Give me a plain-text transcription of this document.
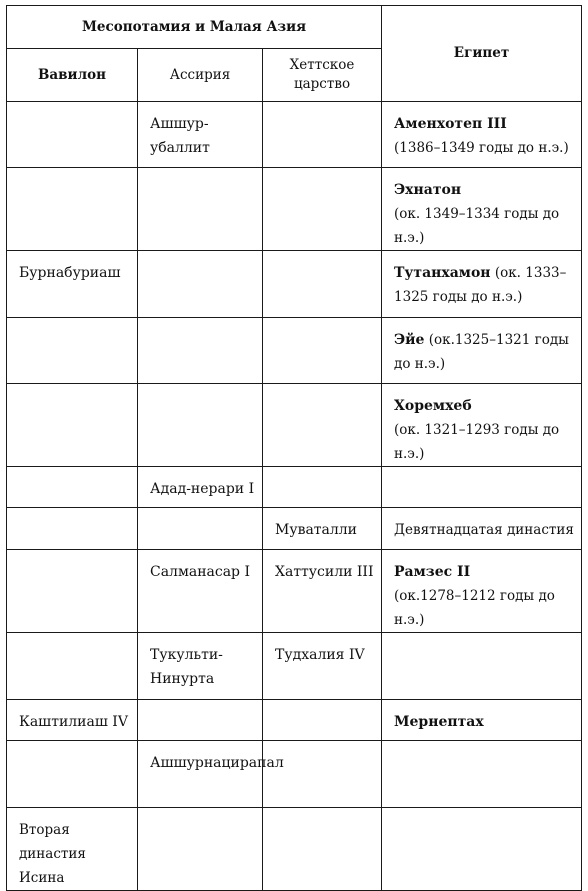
Месопотамия и Малая Азия			Египет
Вавилон	Ассирия	Хеттское царство	
	Ашшур-убаллит		Аменхотеп III
(1386–1349 годы до н.э.)
			Эхнатон
(ок. 1349–1334 годы до н.э.)
Бурнабуриаш			Тутанхамон (ок. 1333–1325 годы до н.э.)
			Эйе (ок.1325–1321 годы до н.э.)
			Хоремхеб
(ок. 1321–1293 годы до н.э.)
	Адад-нерари I		
		Муваталли	Девятнадцатая династия
	Салманасар I	Хаттусили III	Рамзес II
(ок.1278–1212 годы до н.э.)
	Тукульти-Нинурта	Тудхалия IV	
Каштилиаш IV			Мернептах
	Ашшурнацирапал		
Вторая династия Исина			
